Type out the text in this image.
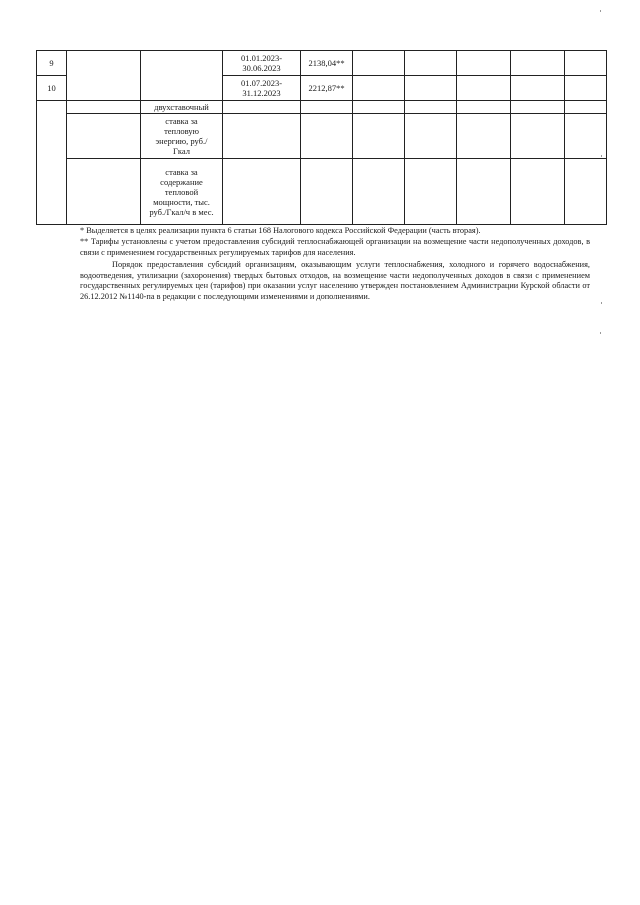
9			01.01.2023-30.06.2023	2138,04**					
10			01.07.2023-31.12.2023	2212,87**					
		двухставочный							
		ставка за тепловую энергию, руб./Гкал							
		ставка за содержание тепловой мощности, тыс. руб./Гкал/ч в мес.							
* Выделяется в целях реализации пункта 6 статьи 168 Налогового кодекса Российской Федерации (часть вторая).
** Тарифы установлены с учетом предоставления субсидий теплоснабжающей организации на возмещение части недополученных доходов, в связи с применением государственных регулируемых тарифов для населения.
Порядок предоставления субсидий организациям, оказывающим услуги теплоснабжения, холодного и горячего водоснабжения, водоотведения, утилизации (захоронения) твердых бытовых отходов, на возмещение части недополученных доходов в связи с применением государственных регулируемых цен (тарифов) при оказании услуг населению утвержден постановлением Администрации Курской области от 26.12.2012 №1140-па в редакции с последующими изменениями и дополнениями.
